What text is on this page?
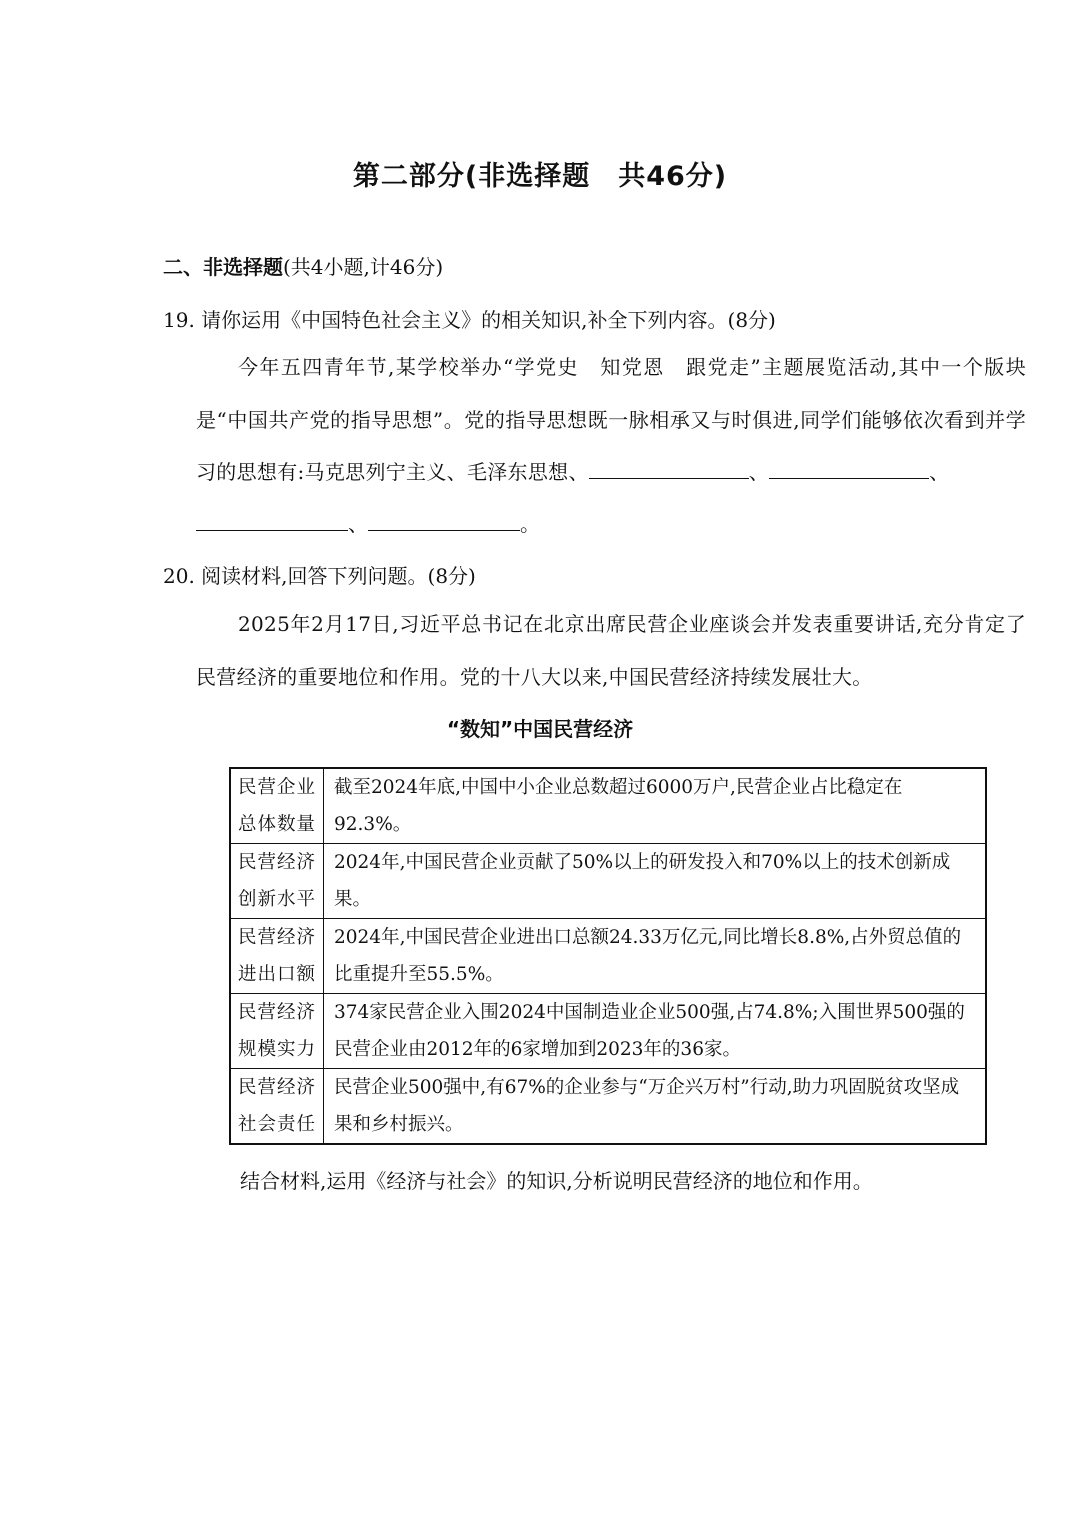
第二部分(非选择题　共46分)
二、非选择题(共4小题,计46分)
19. 请你运用《中国特色社会主义》的相关知识,补全下列内容。(8分)
今年五四青年节,某学校举办“学党史　知党恩　跟党走”主题展览活动,其中一个版块是“中国共产党的指导思想”。党的指导思想既一脉相承又与时俱进,同学们能够依次看到并学习的思想有:马克思列宁主义、毛泽东思想、	、	、
、	。
20. 阅读材料,回答下列问题。(8分)
2025年2月17日,习近平总书记在北京出席民营企业座谈会并发表重要讲话,充分肯定了民营经济的重要地位和作用。党的十八大以来,中国民营经济持续发展壮大。
“数知”中国民营经济
民营企业
总体数量	截至2024年底,中国中小企业总数超过6000万户,民营企业占比稳定在92.3%。

民营经济
创新水平	2024年,中国民营企业贡献了50%以上的研发投入和70%以上的技术创新成果。

民营经济
进出口额	2024年,中国民营企业进出口总额24.33万亿元,同比增长8.8%,占外贸总值的比重提升至55.5%。

民营经济
规模实力	374家民营企业入围2024中国制造业企业500强,占74.8%;入围世界500强的民营企业由2012年的6家增加到2023年的36家。

民营经济
社会责任	民营企业500强中,有67%的企业参与“万企兴万村”行动,助力巩固脱贫攻坚成果和乡村振兴。
结合材料,运用《经济与社会》的知识,分析说明民营经济的地位和作用。
